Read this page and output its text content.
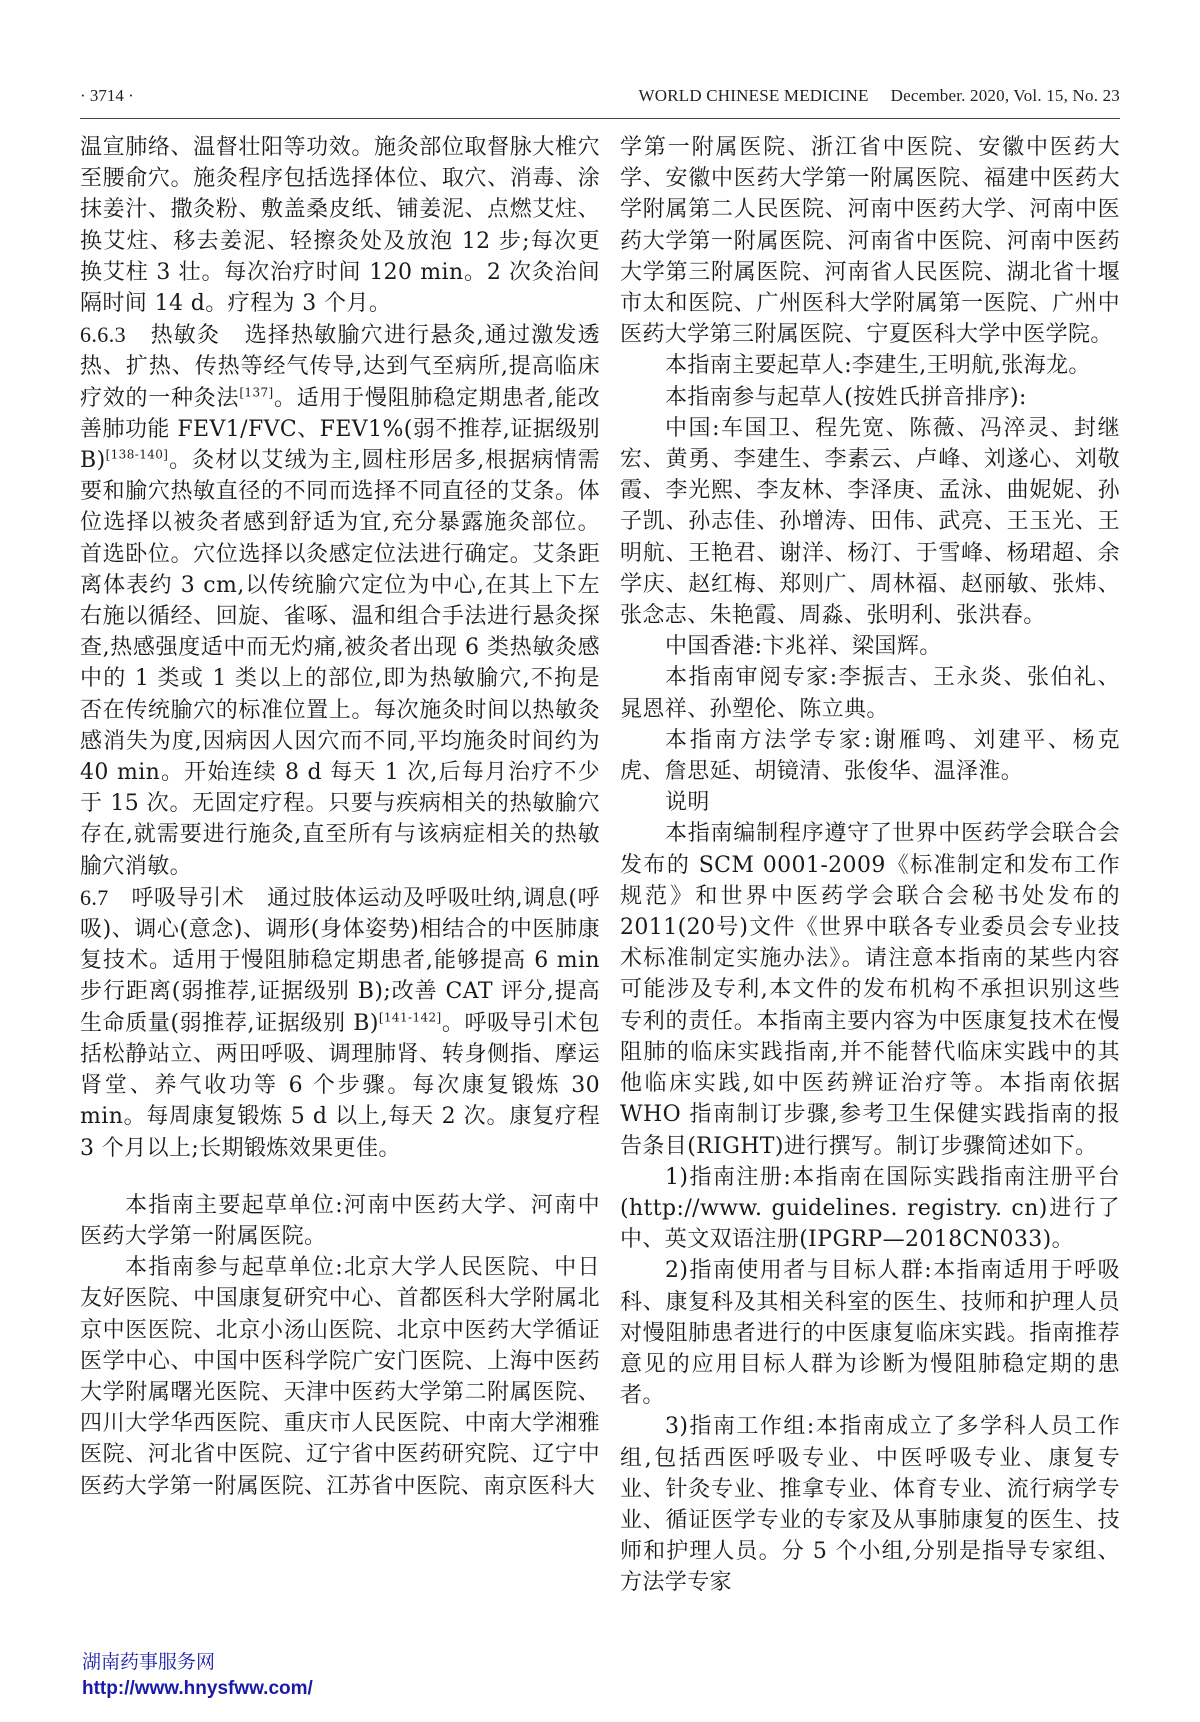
· 3714 ·	WORLD CHINESE MEDICINE December. 2020, Vol. 15, No. 23

温宣肺络、温督壮阳等功效。施灸部位取督脉大椎穴至腰俞穴。施灸程序包括选择体位、取穴、消毒、涂抹姜汁、撒灸粉、敷盖桑皮纸、铺姜泥、点燃艾炷、换艾炷、移去姜泥、轻擦灸处及放泡 12 步;每次更换艾柱 3 壮。每次治疗时间 120 min。2 次灸治间隔时间 14 d。疗程为 3 个月。

6.6.3 热敏灸 选择热敏腧穴进行悬灸,通过激发透热、扩热、传热等经气传导,达到气至病所,提高临床疗效的一种灸法[137]。适用于慢阻肺稳定期患者,能改善肺功能 FEV1/FVC、FEV1%(弱不推荐,证据级别 B)[138-140]。灸材以艾绒为主,圆柱形居多,根据病情需要和腧穴热敏直径的不同而选择不同直径的艾条。体位选择以被灸者感到舒适为宜,充分暴露施灸部位。首选卧位。穴位选择以灸感定位法进行确定。艾条距离体表约 3 cm,以传统腧穴定位为中心,在其上下左右施以循经、回旋、雀啄、温和组合手法进行悬灸探查,热感强度适中而无灼痛,被灸者出现 6 类热敏灸感中的 1 类或 1 类以上的部位,即为热敏腧穴,不拘是否在传统腧穴的标准位置上。每次施灸时间以热敏灸感消失为度,因病因人因穴而不同,平均施灸时间约为 40 min。开始连续 8 d 每天 1 次,后每月治疗不少于 15 次。无固定疗程。只要与疾病相关的热敏腧穴存在,就需要进行施灸,直至所有与该病症相关的热敏腧穴消敏。

6.7 呼吸导引术 通过肢体运动及呼吸吐纳,调息(呼吸)、调心(意念)、调形(身体姿势)相结合的中医肺康复技术。适用于慢阻肺稳定期患者,能够提高 6 min 步行距离(弱推荐,证据级别 B);改善 CAT 评分,提高生命质量(弱推荐,证据级别 B)[141-142]。呼吸导引术包括松静站立、两田呼吸、调理肺肾、转身侧指、摩运肾堂、养气收功等 6 个步骤。每次康复锻炼 30 min。每周康复锻炼 5 d 以上,每天 2 次。康复疗程 3 个月以上;长期锻炼效果更佳。

本指南主要起草单位:河南中医药大学、河南中医药大学第一附属医院。

本指南参与起草单位:北京大学人民医院、中日友好医院、中国康复研究中心、首都医科大学附属北京中医医院、北京小汤山医院、北京中医药大学循证医学中心、中国中医科学院广安门医院、上海中医药大学附属曙光医院、天津中医药大学第二附属医院、四川大学华西医院、重庆市人民医院、中南大学湘雅医院、河北省中医院、辽宁省中医药研究院、辽宁中医药大学第一附属医院、江苏省中医院、南京医科大

学第一附属医院、浙江省中医院、安徽中医药大学、安徽中医药大学第一附属医院、福建中医药大学附属第二人民医院、河南中医药大学、河南中医药大学第一附属医院、河南省中医院、河南中医药大学第三附属医院、河南省人民医院、湖北省十堰市太和医院、广州医科大学附属第一医院、广州中医药大学第三附属医院、宁夏医科大学中医学院。

本指南主要起草人:李建生,王明航,张海龙。

本指南参与起草人(按姓氏拼音排序):

中国:车国卫、程先宽、陈薇、冯淬灵、封继宏、黄勇、李建生、李素云、卢峰、刘遂心、刘敬霞、李光熙、李友林、李泽庚、孟泳、曲妮妮、孙子凯、孙志佳、孙增涛、田伟、武亮、王玉光、王明航、王艳君、谢洋、杨汀、于雪峰、杨珺超、余学庆、赵红梅、郑则广、周林福、赵丽敏、张炜、张念志、朱艳霞、周淼、张明利、张洪春。

中国香港:卞兆祥、梁国辉。

本指南审阅专家:李振吉、王永炎、张伯礼、晁恩祥、孙塑伦、陈立典。

本指南方法学专家:谢雁鸣、刘建平、杨克虎、詹思延、胡镜清、张俊华、温泽淮。

说明

本指南编制程序遵守了世界中医药学会联合会发布的 SCM 0001-2009《标准制定和发布工作规范》和世界中医药学会联合会秘书处发布的 2011(20号)文件《世界中联各专业委员会专业技术标准制定实施办法》。请注意本指南的某些内容可能涉及专利,本文件的发布机构不承担识别这些专利的责任。本指南主要内容为中医康复技术在慢阻肺的临床实践指南,并不能替代临床实践中的其他临床实践,如中医药辨证治疗等。本指南依据 WHO 指南制订步骤,参考卫生保健实践指南的报告条目(RIGHT)进行撰写。制订步骤简述如下。

1)指南注册:本指南在国际实践指南注册平台(http://www. guidelines. registry. cn)进行了中、英文双语注册(IPGRP—2018CN033)。

2)指南使用者与目标人群:本指南适用于呼吸科、康复科及其相关科室的医生、技师和护理人员对慢阻肺患者进行的中医康复临床实践。指南推荐意见的应用目标人群为诊断为慢阻肺稳定期的患者。

3)指南工作组:本指南成立了多学科人员工作组,包括西医呼吸专业、中医呼吸专业、康复专业、针灸专业、推拿专业、体育专业、流行病学专业、循证医学专业的专家及从事肺康复的医生、技师和护理人员。分 5 个小组,分别是指导专家组、方法学专家

湖南药事服务网
http://www.hnysfww.com/
